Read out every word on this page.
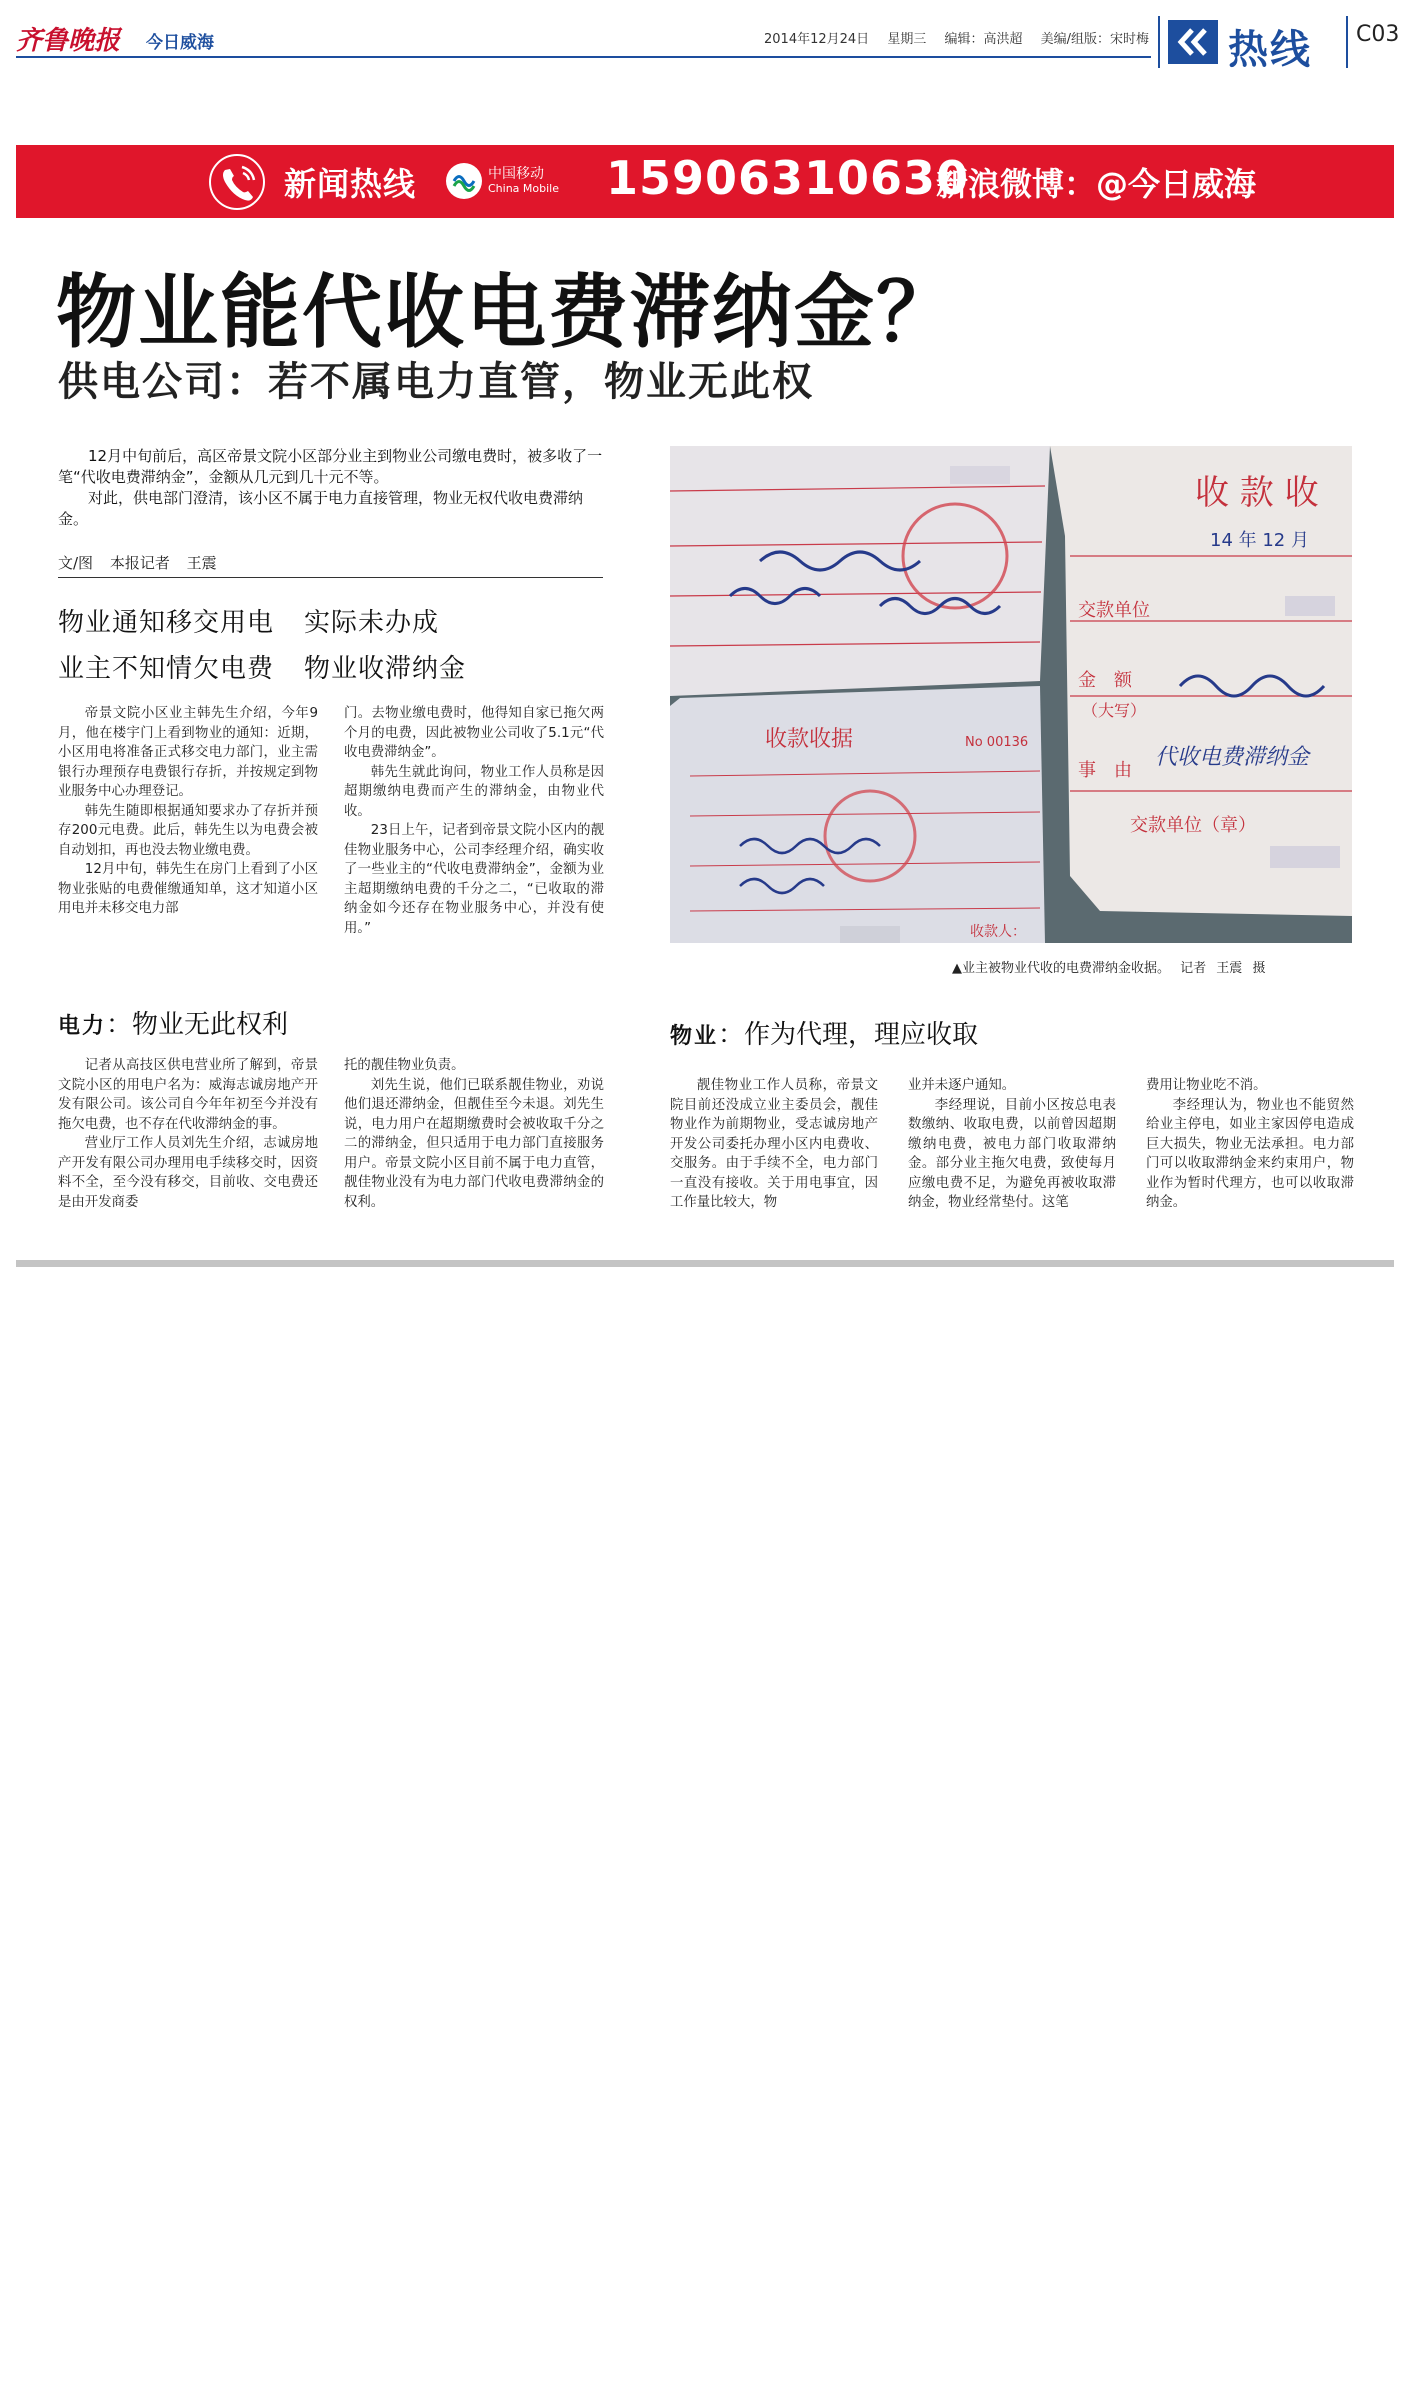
齐鲁晚报 今日威海	2014年12月24日 星期三 编辑：高洪超 美编/组版：宋时梅	热线 C03
新闻热线	中国移动
China Mobile 15906310630
新浪微博：@今日威海
物业能代收电费滞纳金？
供电公司：若不属电力直管，物业无此权

12月中旬前后，高区帝景文院小区部分业主到物业公司缴电费时，被多收了一笔“代收电费滞纳金”，金额从几元到几十元不等。

对此，供电部门澄清，该小区不属于电力直接管理，物业无权代收电费滞纳金。

文/图 本报记者 王震
物业通知移交用电 实际未办成
业主不知情欠电费 物业收滞纳金

帝景文院小区业主韩先生介绍，今年9月，他在楼宇门上看到物业的通知：近期，小区用电将准备正式移交电力部门，业主需银行办理预存电费银行存折，并按规定到物业服务中心办理登记。

韩先生随即根据通知要求办了存折并预存200元电费。此后，韩先生以为电费会被自动划扣，再也没去物业缴电费。

12月中旬，韩先生在房门上看到了小区物业张贴的电费催缴通知单，这才知道小区用电并未移交电力部

门。去物业缴电费时，他得知自家已拖欠两个月的电费，因此被物业公司收了5.1元“代收电费滞纳金”。

韩先生就此询问，物业工作人员称是因超期缴纳电费而产生的滞纳金，由物业代收。

23日上午，记者到帝景文院小区内的靓佳物业服务中心，公司李经理介绍，确实收了一些业主的“代收电费滞纳金”，金额为业主超期缴纳电费的千分之二，“已收取的滞纳金如今还存在物业服务中心，并没有使用。”

收 款 收
14 年 12 月
交款单位
金　额
（大写）
事　由
交款单位（章）
代收电费滞纳金
收款收据	No 00136
收款人：
▲业主被物业代收的电费滞纳金收据。 记者 王震 摄
电力：物业无此权利

记者从高技区供电营业所了解到，帝景文院小区的用电户名为：威海志诚房地产开发有限公司。该公司自今年年初至今并没有拖欠电费，也不存在代收滞纳金的事。

营业厅工作人员刘先生介绍，志诚房地产开发有限公司办理用电手续移交时，因资料不全，至今没有移交，目前收、交电费还是由开发商委

托的靓佳物业负责。

刘先生说，他们已联系靓佳物业，劝说他们退还滞纳金，但靓佳至今未退。刘先生说，电力用户在超期缴费时会被收取千分之二的滞纳金，但只适用于电力部门直接服务用户。帝景文院小区目前不属于电力直管，靓佳物业没有为电力部门代收电费滞纳金的权利。

物业：作为代理，理应收取

靓佳物业工作人员称，帝景文院目前还没成立业主委员会，靓佳物业作为前期物业，受志诚房地产开发公司委托办理小区内电费收、交服务。由于手续不全，电力部门一直没有接收。关于用电事宜，因工作量比较大，物

业并未逐户通知。

李经理说，目前小区按总电表数缴纳、收取电费，以前曾因超期缴纳电费，被电力部门收取滞纳金。部分业主拖欠电费，致使每月应缴电费不足，为避免再被收取滞纳金，物业经常垫付。这笔

费用让物业吃不消。

李经理认为，物业也不能贸然给业主停电，如业主家因停电造成巨大损失，物业无法承担。电力部门可以收取滞纳金来约束用户，物业作为暂时代理方，也可以收取滞纳金。
